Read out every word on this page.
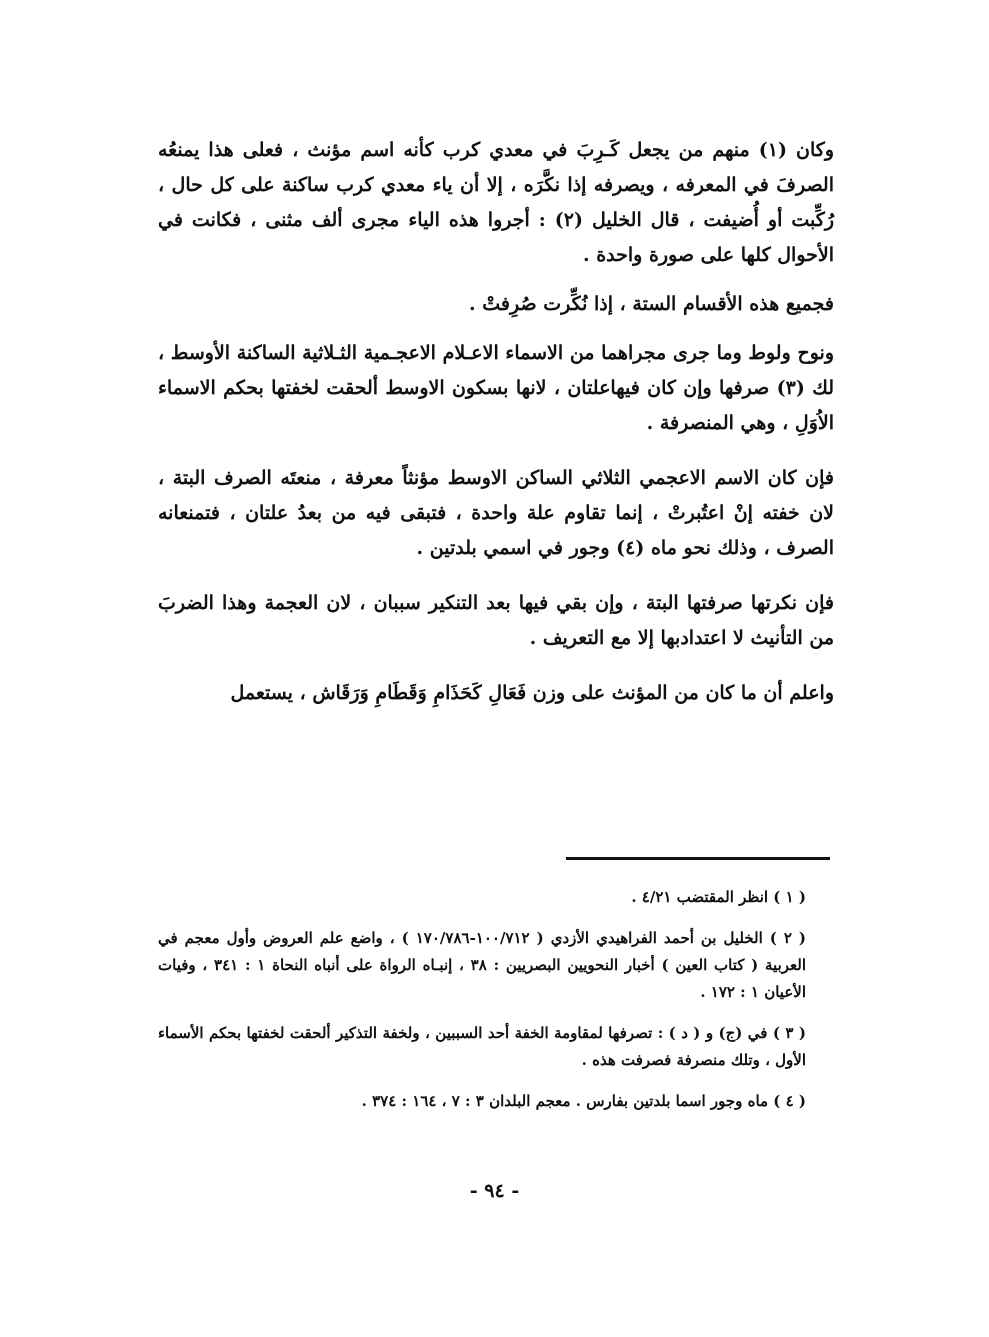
وكان (١) منهم من يجعل كَـرِبَ في معدي كرب كأنه اسم مؤنث ، فعلى هذا يمنعُه الصرفَ في المعرفه ، ويصرفه إذا نكَّرَه ، إلا أن ياء معدي كرب ساكنة على كل حال ، رُكِّبت أو أُضيفت ، قال الخليل (٢) : أجروا هذه الياء مجرى ألف مثنى ، فكانت في الأحوال كلها على صورة واحدة .

فجميع هذه الأقسام الستة ، إذا نُكِّرت صُرِفتْ .

ونوح ولوط وما جرى مجراهما من الاسماء الاعـلام الاعجـمية الثـلاثية الساكنة الأوسط ، لك (٣) صرفها وإن كان فيهاعلتان ، لانها بسكون الاوسط ألحقت لخفتها بحكم الاسماء الاُوَلِ ، وهي المنصرفة .

فإن كان الاسم الاعجمي الثلاثي الساكن الاوسط مؤنثاً معرفة ، منعتَه الصرف البتة ، لان خفته إنْ اعتُبرتْ ، إنما تقاوم علة واحدة ، فتبقى فيه من بعدُ علتان ، فتمنعانه الصرف ، وذلك نحو ماه (٤) وجور في اسمي بلدتين .

فإن نكرتها صرفتها البتة ، وإن بقي فيها بعد التنكير سببان ، لان العجمة وهذا الضربَ من التأنيث لا اعتدادبها إلا مع التعريف .

واعلم أن ما كان من المؤنث على وزن فَعَالِ كَحَذَامِ وَقَطَامِ وَرَقَاش ، يستعمل

( ١ ) انظر المقتضب ٤/٢١ .

( ٢ ) الخليل بن أحمد الفراهيدي الأزدي ( ١٠٠/٧١٢-١٧٠/٧٨٦ ) ، واضع علم العروض وأول معجم في العربية ( كتاب العين ) أخبار النحويين البصريين : ٣٨ ، إنبـاه الرواة على أنباه النحاة ١ : ٣٤١ ، وفيات الأعيان ١ : ١٧٢ .

( ٣ ) في (ج) و ( د ) : تصرفها لمقاومة الخفة أحد السببين ، ولخفة التذكير ألحقت لخفتها بحكم الأسماء الأول ، وتلك منصرفة فصرفت هذه .

( ٤ ) ماه وجور اسما بلدتين بفارس . معجم البلدان ٣ : ٧ ، ١٦٤ : ٣٧٤ .

- ٩٤ -
